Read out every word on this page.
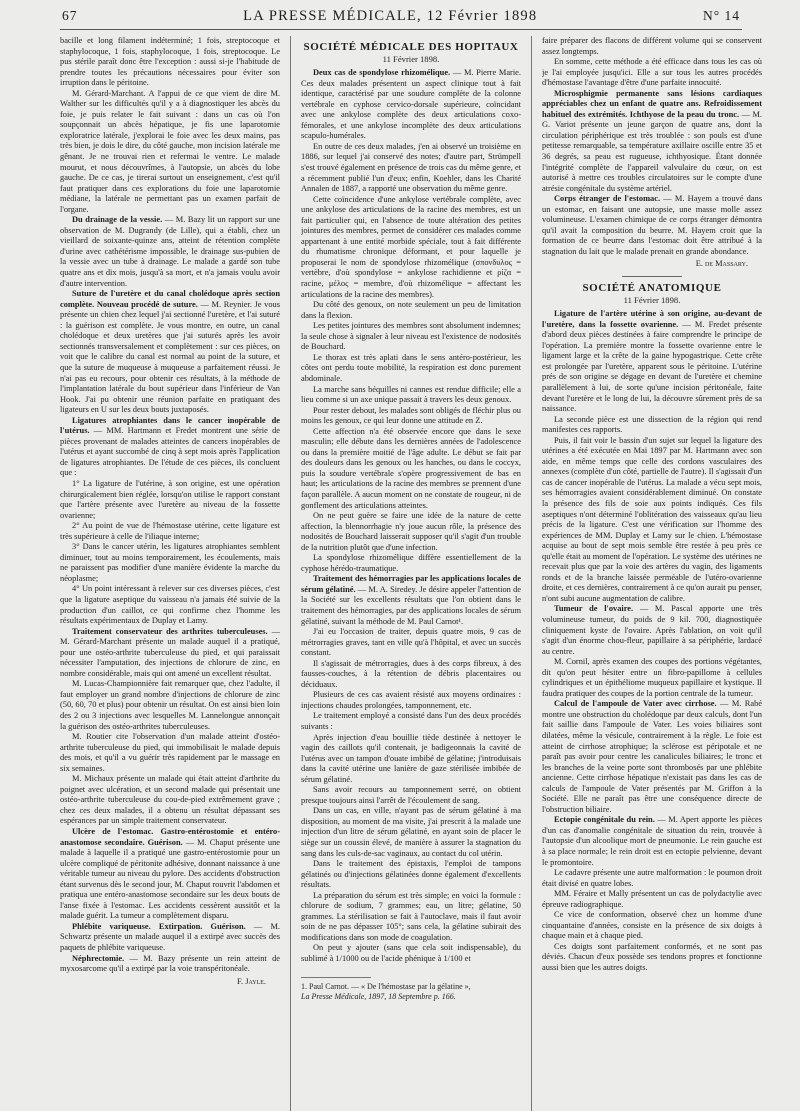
67	LA PRESSE MÉDICALE, 12 Février 1898	N° 14

bacille et long filament indéterminé; 1 fois, streptocoque et staphylocoque, 1 fois, staphylocoque, 1 fois, streptocoque. Le pus stérile paraît donc être l'exception : aussi si-je l'habitude de prendre toutes les précautions nécessaires pour éviter son irruption dans le péritoine.

M. Gérard-Marchant. A l'appui de ce que vient de dire M. Walther sur les difficultés qu'il y a à diagnostiquer les abcès du foie, je puis relater le fait suivant : dans un cas où l'on soupçonnait un abcès hépatique, je fis une laparotomie exploratrice latérale, j'explorai le foie avec les deux mains, pas très bien, je dois le dire, du côté gauche, mon incision latérale me gênant. Je ne trouvai rien et refermai le ventre. Le malade mourut, et nous découvrîmes, à l'autopsie, un abcès du lobe gauche. De ce cas, je tirerai surtout un enseignement, c'est qu'il faut pratiquer dans ces explorations du foie une laparotomie médiane, la latérale ne permettant pas un examen parfait de l'organe.

Du drainage de la vessie. — M. Bazy lit un rapport sur une observation de M. Dugrandy (de Lille), qui a établi, chez un vieillard de soixante-quinze ans, atteint de rétention complète d'urine avec cathétérisme impossible, le drainage sus-pubien de la vessie avec un tube à drainage. Le malade a gardé son tube quatre ans et dix mois, jusqu'à sa mort, et n'a jamais voulu avoir d'autre intervention.

Suture de l'uretère et du canal cholédoque après section complète. Nouveau procédé de suture. — M. Reynier. Je vous présente un chien chez lequel j'ai sectionné l'uretère, et l'ai suturé : la guérison est complète. Je vous montre, en outre, un canal cholédoque et deux uretères que j'ai suturés après les avoir sectionnés transversalement et complètement : sur ces pièces, on voit que le calibre du canal est normal au point de la suture, et que la suture de muqueuse à muqueuse a parfaitement réussi. Je n'ai pas eu recours, pour obtenir ces résultats, à la méthode de l'implantation latérale du bout supérieur dans l'inférieur de Van Hook. J'ai pu obtenir une réunion parfaite en pratiquant des ligateurs en U sur les deux bouts juxtaposés.

Ligatures atrophiantes dans le cancer inopérable de l'utérus. — MM. Hartmann et Fredet montrent une série de pièces provenant de malades atteintes de cancers inopérables de l'utérus et ayant succombé de cinq à sept mois après l'application de ligatures atrophiantes. De l'étude de ces pièces, ils concluent que :

1° La ligature de l'utérine, à son origine, est une opération chirurgicalement bien réglée, lorsqu'on utilise le rapport constant que l'artère présente avec l'uretère au niveau de la fossette ovarienne;

2° Au point de vue de l'hémostase utérine, cette ligature est très supérieure à celle de l'iliaque interne;

3° Dans le cancer utérin, les ligatures atrophiantes semblent diminuer, tout au moins temporairement, les écoulements, mais ne paraissent pas modifier d'une manière évidente la marche du néoplasme;

4° Un point intéressant à relever sur ces diverses pièces, c'est que la ligature aseptique du vaisseau n'a jamais été suivie de la production d'un caillot, ce qui confirme chez l'homme les résultats expérimentaux de Duplay et Lamy.

Traitement conservateur des arthrites tuberculeuses. — M. Gérard-Marchant présente un malade auquel il a pratiqué, pour une ostéo-arthrite tuberculeuse du pied, et qui paraissait nécessiter l'amputation, des injections de chlorure de zinc, en nombre considérable, mais qui ont amené un excellent résultat.

M. Lucas-Championnière fait remarquer que, chez l'adulte, il faut employer un grand nombre d'injections de chlorure de zinc (50, 60, 70 et plus) pour obtenir un résultat. On est ainsi bien loin des 2 ou 3 injections avec lesquelles M. Lannelongue annonçait la guérison des ostéo-arthrites tuberculeuses.

M. Routier cite l'observation d'un malade atteint d'ostéo-arthrite tuberculeuse du pied, qui immobilisait le malade depuis des mois, et qu'il a vu guérir très rapidement par le massage en six semaines.

M. Michaux présente un malade qui était atteint d'arthrite du poignet avec ulcération, et un second malade qui présentait une ostéo-arthrite tuberculeuse du cou-de-pied extrêmement grave ; chez ces deux malades, il a obtenu un résultat dépassant ses espérances par un simple traitement conservateur.

Ulcère de l'estomac. Gastro-entérostomie et entéro-anastomose secondaire. Guérison. — M. Chaput présente une malade à laquelle il a pratiqué une gastro-entérostomie pour un ulcère compliqué de péritonite adhésive, donnant naissance à une véritable tumeur au niveau du pylore. Des accidents d'obstruction étant survenus dès le second jour, M. Chaput rouvrit l'abdomen et pratiqua une entéro-anastomose secondaire sur les deux bouts de l'anse fixée à l'estomac. Les accidents cessèrent aussitôt et la malade guérit. La tumeur a complètement disparu.

Phlébite variqueuse. Extirpation. Guérison. — M. Schwartz présente un malade auquel il a extirpé avec succès des paquets de phlébite variqueuse.

Néphrectomie. — M. Bazy présente un rein atteint de myxosarcome qu'il a extirpé par la voie transpéritonéale.

F. Jayle.
SOCIÉTÉ MÉDICALE DES HOPITAUX
11 Février 1898.

Deux cas de spondylose rhizomélique. — M. Pierre Marie. Ces deux malades présentent un aspect clinique tout à fait identique, caractérisé par une soudure complète de la colonne vertébrale en cyphose cervico-dorsale supérieure, coïncidant avec une ankylose complète des deux articulations coxo-fémorales, et une ankylose incomplète des deux articulations scapulo-humérales.

En outre de ces deux malades, j'en ai observé un troisième en 1886, sur lequel j'ai conservé des notes; d'autre part, Strümpell s'est trouvé également en présence de trois cas du même genre, et a récemment publié l'un d'eux; enfin, Koehler, dans les Charité Annalen de 1887, a rapporté une observation du même genre.

Cette coïncidence d'une ankylose vertébrale complète, avec une ankylose des articulations de la racine des membres, est un fait particulier qui, en l'absence de toute altération des petites jointures des membres, permet de considérer ces malades comme appartenant à une entité morbide spéciale, tout à fait différente du rhumatisme chronique déformant, et pour laquelle je proposerai le nom de spondylose rhizomélique (σπονδυλος = vertèbre, d'où spondylose = ankylose rachidienne et ρίζα = racine, μέλος = membre, d'où rhizomélique = affectant les articulations de la racine des membres).

Du côté des genoux, on note seulement un peu de limitation dans la flexion.

Les petites jointures des membres sont absolument indemnes; la seule chose à signaler à leur niveau est l'existence de nodosités de Bouchard.

Le thorax est très aplati dans le sens antéro-postérieur, les côtes ont perdu toute mobilité, la respiration est donc purement abdominale.

La marche sans béquilles ni cannes est rendue difficile; elle a lieu comme si un axe unique passait à travers les deux genoux.

Pour rester debout, les malades sont obligés de fléchir plus ou moins les genoux, ce qui leur donne une attitude en Z.

Cette affection n'a été observée encore que dans le sexe masculin; elle débute dans les dernières années de l'adolescence ou dans la première moitié de l'âge adulte. Le début se fait par des douleurs dans les genoux ou les hanches, ou dans le coccyx, puis la soudure vertébrale s'opère progressivement de bas en haut; les articulations de la racine des membres se prennent d'une façon parallèle. A aucun moment on ne constate de rougeur, ni de gonflement des articulations atteintes.

On ne peut guère se faire une idée de la nature de cette affection, la blennorrhagie n'y joue aucun rôle, la présence des nodosités de Bouchard laisserait supposer qu'il s'agit d'un trouble de la nutrition plutôt que d'une infection.

La spondylose rhizomélique diffère essentiellement de la cyphose hérédo-traumatique.

Traitement des hémorragies par les applications locales de sérum gélatiné. — M. A. Siredey. Je désire appeler l'attention de la Société sur les excellents résultats que l'on obtient dans le traitement des hémorragies, par des applications locales de sérum gélatiné, suivant la méthode de M. Paul Carnot¹.

J'ai eu l'occasion de traiter, depuis quatre mois, 9 cas de métrorragies graves, tant en ville qu'à l'hôpital, et avec un succès constant.

Il s'agissait de métrorragies, dues à des corps fibreux, à des fausses-couches, à la rétention de débris placentaires ou déciduaux.

Plusieurs de ces cas avaient résisté aux moyens ordinaires : injections chaudes prolongées, tamponnement, etc.

Le traitement employé a consisté dans l'un des deux procédés suivants :

Après injection d'eau bouillie tiède destinée à nettoyer le vagin des caillots qu'il contenait, je badigeonnais la cavité de l'utérus avec un tampon d'ouate imbibé de gélatine; j'introduisais dans la cavité utérine une lanière de gaze stérilisée imbibée de sérum gélatiné.

Sans avoir recours au tamponnement serré, on obtient presque toujours ainsi l'arrêt de l'écoulement de sang.

Dans un cas, en ville, n'ayant pas de sérum gélatiné à ma disposition, au moment de ma visite, j'ai prescrit à la malade une injection d'un litre de sérum gélatiné, en ayant soin de placer le siège sur un coussin élevé, de manière à assurer la stagnation du sang dans les culs-de-sac vaginaux, au contact du col utérin.

Dans le traitement des épistaxis, l'emploi de tampons gélatinés ou d'injections gélatinées donne également d'excellents résultats.

La préparation du sérum est très simple; en voici la formule : chlorure de sodium, 7 grammes; eau, un litre; gélatine, 50 grammes. La stérilisation se fait à l'autoclave, mais il faut avoir soin de ne pas dépasser 105°; sans cela, la gélatine subirait des modifications dans son mode de coagulation.

On peut y ajouter (sans que cela soit indispensable), du sublimé à 1/1000 ou de l'acide phénique à 1/100 et

1. Paul Carnot. — « De l'hémostase par la gélatine »,
La Presse Médicale, 1897, 18 Septembre p. 166.

faire préparer des flacons de différent volume qui se conservent assez longtemps.

En somme, cette méthode a été efficace dans tous les cas où je l'ai employée jusqu'ici. Elle a sur tous les autres procédés d'hémostase l'avantage d'être d'une parfaite innocuité.

Microsphigmie permanente sans lésions cardiaques appréciables chez un enfant de quatre ans. Refroidissement habituel des extrémités. Ichthyose de la peau du tronc. — M. G. Variot présente un jeune garçon de quatre ans, dont la circulation périphérique est très troublée : son pouls est d'une petitesse remarquable, sa température axillaire oscille entre 35 et 36 degrés, sa peau est rugueuse, ichthyosique. Étant donnée l'intégrité complète de l'appareil valvulaire du cœur, on est autorisé à mettre ces troubles circulatoires sur le compte d'une atrésie congénitale du système artériel.

Corps étranger de l'estomac. — M. Hayem a trouvé dans un estomac, en faisant une autopsie, une masse molle assez volumineuse. L'examen chimique de ce corps étranger démontra qu'il avait la composition du beurre. M. Hayem croit que la formation de ce beurre dans l'estomac doit être attribué à la stagnation du lait que le malade prenait en grande abondance.

E. de Massary.
SOCIÉTÉ ANATOMIQUE
11 Février 1898.

Ligature de l'artère utérine à son origine, au-devant de l'uretère, dans la fossette ovarienne. — M. Fredet présente d'abord deux pièces destinées à faire comprendre le principe de l'opération. La première montre la fossette ovarienne entre le ligament large et la crête de la gaine hypogastrique. Cette crête est prolongée par l'uretère, apparent sous le péritoine. L'utérine prés de son origine se dégage en devant de l'uretère et chemine parallèlement à lui, de sorte qu'une incision péritonéale, faite devant l'uretère et le long de lui, la découvre sûrement près de sa naissance.

La seconde pièce est une dissection de la région qui rend manifestes ces rapports.

Puis, il fait voir le bassin d'un sujet sur lequel la ligature des utérines a été exécutée en Mai 1897 par M. Hartmann avec son aide, en même temps que celle des cordons vasculaires des annexes (complète d'un côté, partielle de l'autre). Il s'agissait d'un cas de cancer inopérable de l'utérus. La malade a vécu sept mois, ses hémorragies avaient considérablement diminué. On constate la présence des fils de soie aux points indiqués. Ces fils aseptiques n'ont déterminé l'oblitération des vaisseaux qu'au lieu précis de la ligature. C'est une vérification sur l'homme des expériences de MM. Duplay et Lamy sur le chien. L'hémostase acquise au bout de sept mois semble être restée à peu près ce qu'elle était au moment de l'opération. Le système des utérines ne recevait plus que par la voie des artères du vagin, des ligaments ronds et de la branche laissée perméable de l'utéro-ovarienne droite, et ces dernières, contrairement à ce qu'on aurait pu penser, n'ont subi aucune augmentation de calibre.

Tumeur de l'ovaire. — M. Pascal apporte une très volumineuse tumeur, du poids de 9 kil. 700, diagnostiquée cliniquement kyste de l'ovaire. Après l'ablation, on voit qu'il s'agit d'un énorme chou-fleur, papillaire à sa périphérie, lardacé au centre.

M. Cornil, après examen des coupes des portions végétantes, dit qu'on peut hésiter entre un fibro-papillome à cellules cylindriques et un épithéliome muqueux papillaire et kystique. Il faudra pratiquer des coupes de la portion centrale de la tumeur.

Calcul de l'ampoule de Vater avec cirrhose. — M. Rabé montre une obstruction du cholédoque par deux calculs, dont l'un fait saillie dans l'ampoule de Vater. Les voies biliaires sont dilatées, même la vésicule, contrairement à la règle. Le foie est atteint de cirrhose atrophique; la sclérose est péripotale et ne paraît pas avoir pour centre les canalicules biliaires; le tronc et les branches de la veine porte sont thrombosés par une phlébite ancienne. Cette cirrhose hépatique n'existait pas dans les cas de calculs de l'ampoule de Vater présentés par M. Griffon à la Société. Elle ne paraît pas être une conséquence directe de l'obstruction biliaire.

Ectopie congénitale du rein. — M. Apert apporte les pièces d'un cas d'anomalie congénitale de situation du rein, trouvée à l'autopsie d'un alcoolique mort de pneumonie. Le rein gauche est à sa place normale; le rein droit est en ectopie pelvienne, devant le promontoire.

Le cadavre présente une autre malformation : le poumon droit était divisé en quatre lobes.

MM. Féraire et Mally présentent un cas de polydactylie avec épreuve radiographique.

Ce vice de conformation, observé chez un homme d'une cinquantaine d'années, consiste en la présence de six doigts à chaque main et à chaque pied.

Ces doigts sont parfaitement conformés, et ne sont pas déviés. Chacun d'eux possède ses tendons propres et fonctionne aussi bien que les autres doigts.
